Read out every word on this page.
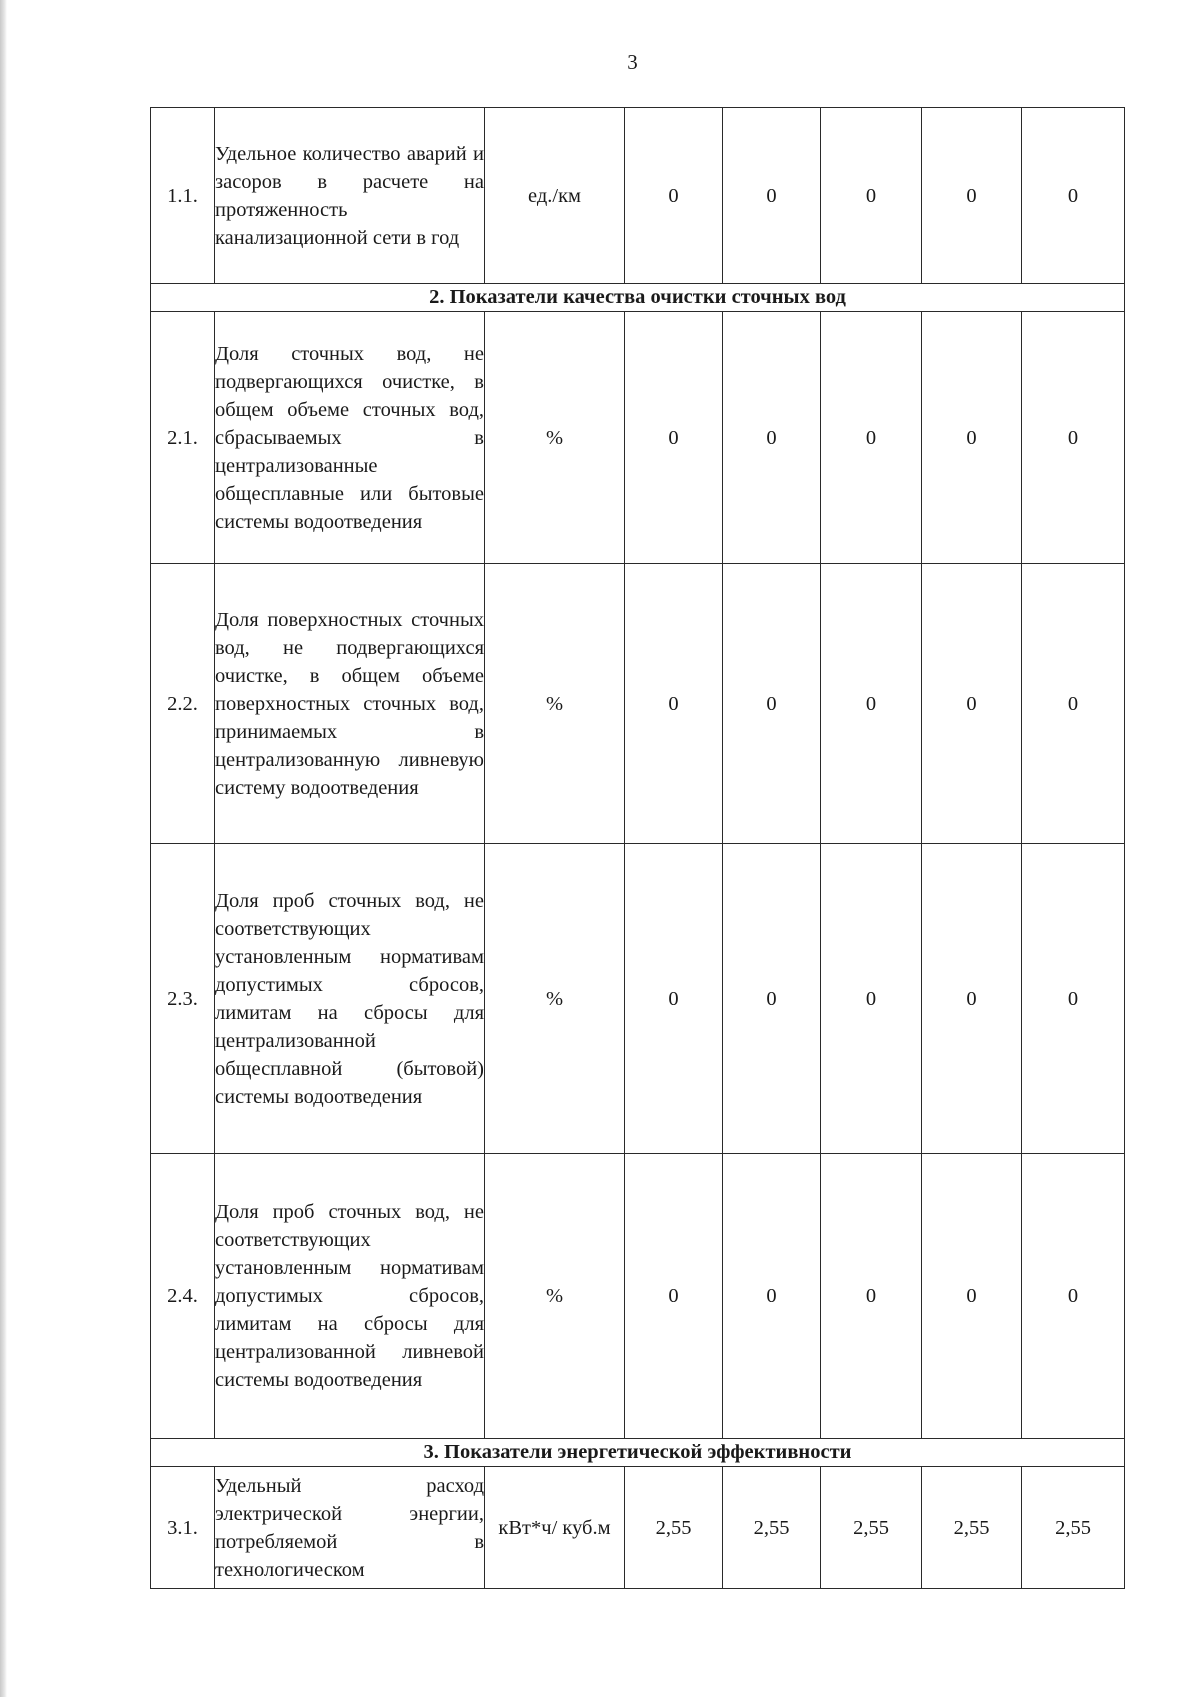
3
1.1.	Удельное количество аварий и засоров в расчете на протяженность канализационной сети в год	ед./км	0	0	0	0	0
2. Показатели качества очистки сточных вод							
2.1.	Доля сточных вод, не подвергающихся очистке, в общем объеме сточных вод, сбрасываемых в централизованные общесплавные или бытовые системы водоотведения	%	0	0	0	0	0
2.2.	Доля поверхностных сточных вод, не подвергающихся очистке, в общем объеме поверхностных сточных вод, принимаемых в централизованную ливневую систему водоотведения	%	0	0	0	0	0
2.3.	Доля проб сточных вод, не соответствующих установленным нормативам допустимых сбросов, лимитам на сбросы для централизованной общесплавной (бытовой) системы водоотведения	%	0	0	0	0	0
2.4.	Доля проб сточных вод, не соответствующих установленным нормативам допустимых сбросов, лимитам на сбросы для централизованной ливневой системы водоотведения	%	0	0	0	0	0
3. Показатели энергетической эффективности							
3.1.	Удельный расход электрической энергии, потребляемой в технологическом	кВт*ч/ куб.м	2,55	2,55	2,55	2,55	2,55
